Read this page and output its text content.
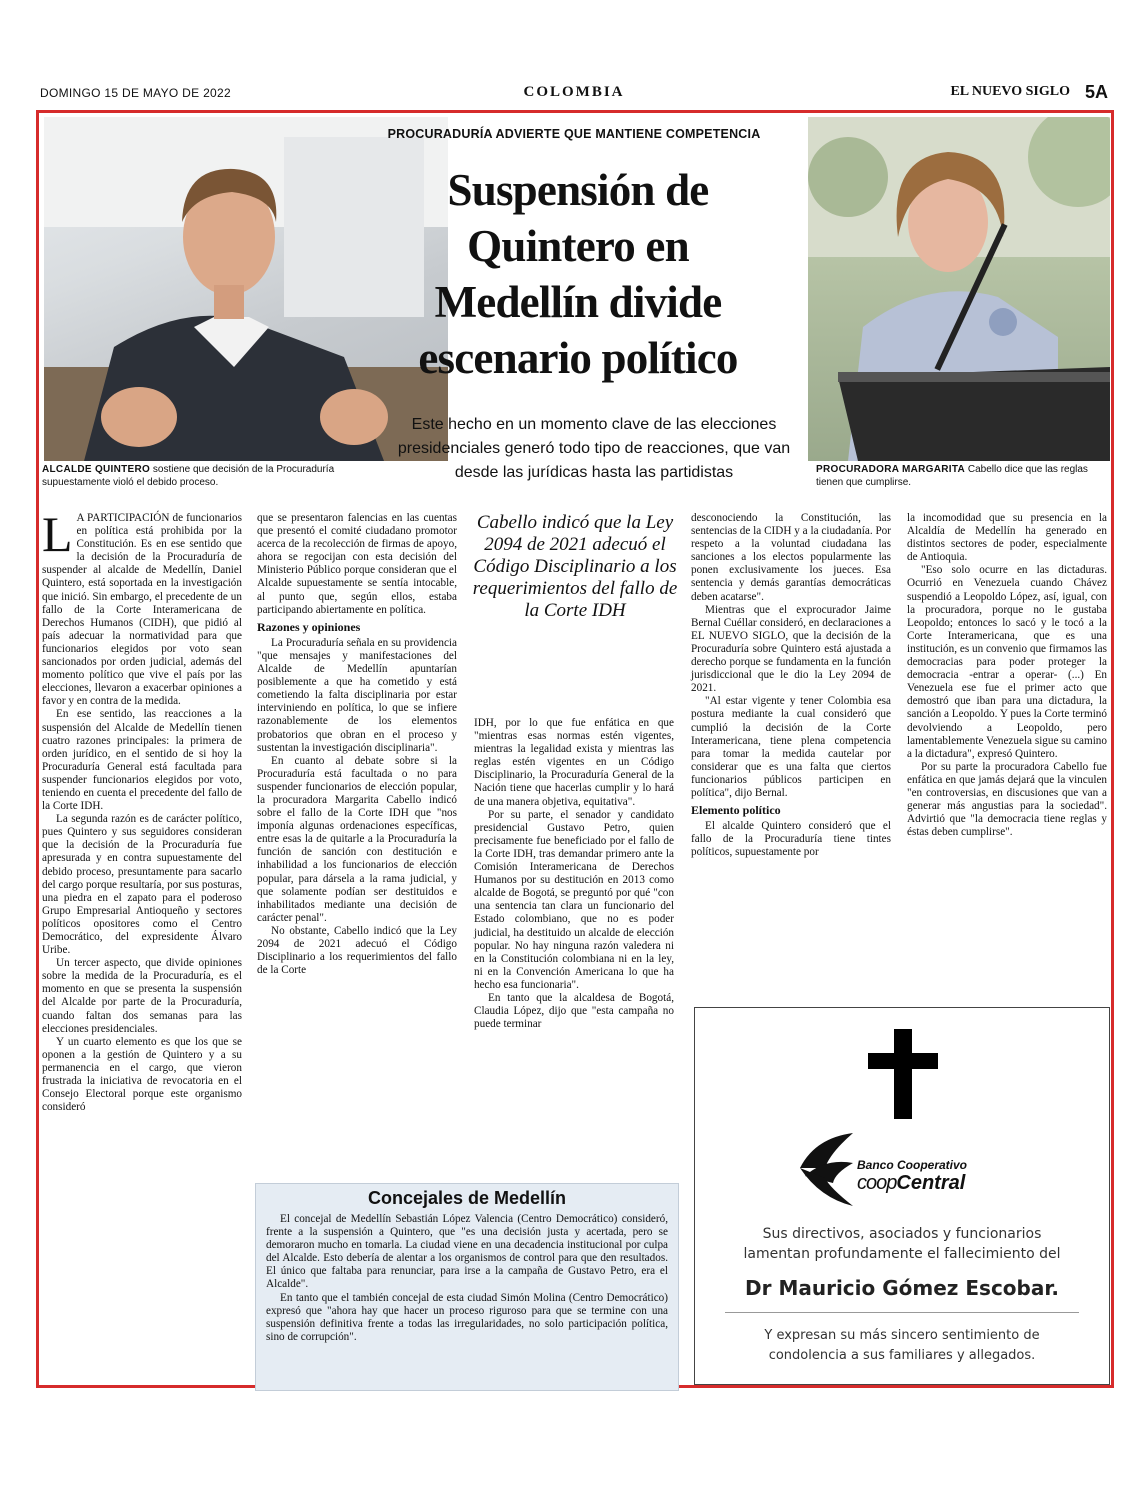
DOMINGO 15 DE MAYO DE 2022	COLOMBIA	EL NUEVO SIGLO 5A
ALCALDE QUINTERO sostiene que decisión de la Procuraduría supuestamente violó el debido proceso.
PROCURADORA MARGARITA Cabello dice que las reglas tienen que cumplirse.
PROCURADURÍA ADVIERTE QUE MANTIENE COMPETENCIA
Suspensión de
Quintero en
Medellín divide
escenario político
Este hecho en un momento clave de las elecciones presidenciales generó todo tipo de reacciones, que van desde las jurídicas hasta las partidistas

L A PARTICIPACIÓN de funcionarios en política está prohibida por la Constitución. Es en ese sentido que la decisión de la Procuraduría de suspender al alcalde de Medellín, Daniel Quintero, está soportada en la investigación que inició. Sin embargo, el precedente de un fallo de la Corte Interamericana de Derechos Humanos (CIDH), que pidió al país adecuar la normatividad para que funcionarios elegidos por voto sean sancionados por orden judicial, además del momento político que vive el país por las elecciones, llevaron a exacerbar opiniones a favor y en contra de la medida.

En ese sentido, las reacciones a la suspensión del Alcalde de Medellín tienen cuatro razones principales: la primera de orden jurídico, en el sentido de si hoy la Procuraduría General está facultada para suspender funcionarios elegidos por voto, teniendo en cuenta el precedente del fallo de la Corte IDH.

La segunda razón es de carácter político, pues Quintero y sus seguidores consideran que la decisión de la Procuraduría fue apresurada y en contra supuestamente del debido proceso, presuntamente para sacarlo del cargo porque resultaría, por sus posturas, una piedra en el zapato para el poderoso Grupo Empresarial Antioqueño y sectores políticos opositores como el Centro Democrático, del expresidente Álvaro Uribe.

Un tercer aspecto, que divide opiniones sobre la medida de la Procuraduría, es el momento en que se presenta la suspensión del Alcalde por parte de la Procuraduría, cuando faltan dos semanas para las elecciones presidenciales.

Y un cuarto elemento es que los que se oponen a la gestión de Quintero y a su permanencia en el cargo, que vieron frustrada la iniciativa de revocatoria en el Consejo Electoral porque este organismo consideró

que se presentaron falencias en las cuentas que presentó el comité ciudadano promotor acerca de la recolección de firmas de apoyo, ahora se regocijan con esta decisión del Ministerio Público porque consideran que el Alcalde supuestamente se sentía intocable, al punto que, según ellos, estaba participando abiertamente en política.

Razones y opiniones

La Procuraduría señala en su providencia "que mensajes y manifestaciones del Alcalde de Medellín apuntarían posiblemente a que ha cometido y está cometiendo la falta disciplinaria por estar interviniendo en política, lo que se infiere razonablemente de los elementos probatorios que obran en el proceso y sustentan la investigación disciplinaria".

En cuanto al debate sobre si la Procuraduría está facultada o no para suspender funcionarios de elección popular, la procuradora Margarita Cabello indicó sobre el fallo de la Corte IDH que "nos imponía algunas ordenaciones específicas, entre esas la de quitarle a la Procuraduría la función de sanción con destitución e inhabilidad a los funcionarios de elección popular, para dársela a la rama judicial, y que solamente podían ser destituidos e inhabilitados mediante una decisión de carácter penal".

No obstante, Cabello indicó que la Ley 2094 de 2021 adecuó el Código Disciplinario a los requerimientos del fallo de la Corte

Cabello indicó que la Ley 2094 de 2021 adecuó el Código Disciplinario a los requerimientos del fallo de la Corte IDH

IDH, por lo que fue enfática en que "mientras esas normas estén vigentes, mientras la legalidad exista y mientras las reglas estén vigentes en un Código Disciplinario, la Procuraduría General de la Nación tiene que hacerlas cumplir y lo hará de una manera objetiva, equitativa".

Por su parte, el senador y candidato presidencial Gustavo Petro, quien precisamente fue beneficiado por el fallo de la Corte IDH, tras demandar primero ante la Comisión Interamericana de Derechos Humanos por su destitución en 2013 como alcalde de Bogotá, se preguntó por qué "con una sentencia tan clara un funcionario del Estado colombiano, que no es poder judicial, ha destituido un alcalde de elección popular. No hay ninguna razón valedera ni en la Constitución colombiana ni en la ley, ni en la Convención Americana lo que ha hecho esa funcionaria".

En tanto que la alcaldesa de Bogotá, Claudia López, dijo que "esta campaña no puede terminar

desconociendo la Constitución, las sentencias de la CIDH y a la ciudadanía. Por respeto a la voluntad ciudadana las sanciones a los electos popularmente las ponen exclusivamente los jueces. Esa sentencia y demás garantías democráticas deben acatarse".

Mientras que el exprocurador Jaime Bernal Cuéllar consideró, en declaraciones a EL NUEVO SIGLO, que la decisión de la Procuraduría sobre Quintero está ajustada a derecho porque se fundamenta en la función jurisdiccional que le dio la Ley 2094 de 2021.

"Al estar vigente y tener Colombia esa postura mediante la cual consideró que cumplió la decisión de la Corte Interamericana, tiene plena competencia para tomar la medida cautelar por considerar que es una falta que ciertos funcionarios públicos participen en política", dijo Bernal.

Elemento político

El alcalde Quintero consideró que el fallo de la Procuraduría tiene tintes políticos, supuestamente por

la incomodidad que su presencia en la Alcaldía de Medellín ha generado en distintos sectores de poder, especialmente de Antioquia.

"Eso solo ocurre en las dictaduras. Ocurrió en Venezuela cuando Chávez suspendió a Leopoldo López, así, igual, con la procuradora, porque no le gustaba Leopoldo; entonces lo sacó y le tocó a la Corte Interamericana, que es una institución, es un convenio que firmamos las democracias para poder proteger la democracia -entrar a operar- (...) En Venezuela ese fue el primer acto que demostró que iban para una dictadura, la sanción a Leopoldo. Y pues la Corte terminó devolviendo a Leopoldo, pero lamentablemente Venezuela sigue su camino a la dictadura", expresó Quintero.

Por su parte la procuradora Cabello fue enfática en que jamás dejará que la vinculen "en controversias, en discusiones que van a generar más angustias para la sociedad". Advirtió que "la democracia tiene reglas y éstas deben cumplirse".

Concejales de Medellín

El concejal de Medellín Sebastián López Valencia (Centro Democrático) consideró, frente a la suspensión a Quintero, que "es una decisión justa y acertada, pero se demoraron mucho en tomarla. La ciudad viene en una decadencia institucional por culpa del Alcalde. Esto debería de alentar a los organismos de control para que den resultados. El único que faltaba para renunciar, para irse a la campaña de Gustavo Petro, era el Alcalde".

En tanto que el también concejal de esta ciudad Simón Molina (Centro Democrático) expresó que "ahora hay que hacer un proceso riguroso para que se termine con una suspensión definitiva frente a todas las irregularidades, no solo participación política, sino de corrupción".

Banco Cooperativo
coopCentral
Sus directivos, asociados y funcionarios
lamentan profundamente el fallecimiento del
Dr Mauricio Gómez Escobar.
Y expresan su más sincero sentimiento de
condolencia a sus familiares y allegados.
